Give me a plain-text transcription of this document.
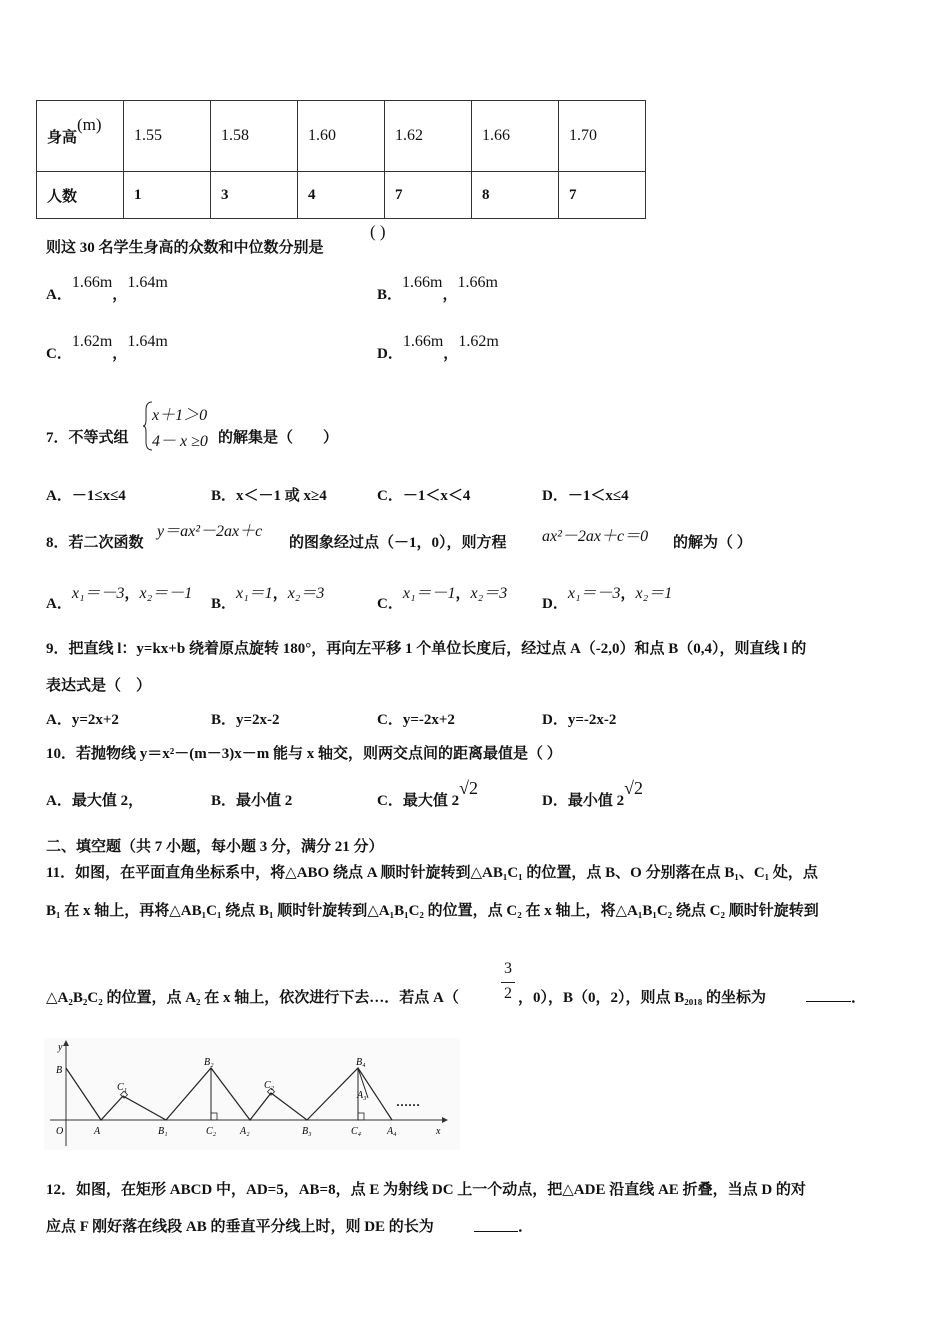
身高(m)	1.55	1.58	1.60	1.62	1.66	1.70
人数	1	3	4	7	8	7
则这 30 名学生身高的众数和中位数分别是
( )
A．1.66m，1.64m
B．1.66m，1.66m
C．1.62m，1.64m
D．1.66m，1.62m
7．不等式组
x＋1＞0
4－ x ≥0 的解集是（　　）
A．－1≤x≤4	B．x＜－1 或 x≥4	C．－1＜x＜4	D．－1＜x≤4
8．若二次函数
y＝ax²－2ax＋c
的图象经过点（－1，0），则方程 ax²－2ax＋c＝0 的解为（ ）
A．x₁＝－3，x₂＝－1
B．x₁＝1，x₂＝3
C．x₁＝－1，x₂＝3
D．x₁＝－3，x₂＝1
9．把直线 l：y=kx+b 绕着原点旋转 180°，再向左平移 1 个单位长度后，经过点 A（-2,0）和点 B（0,4），则直线 l 的
表达式是（　）
A．y=2x+2	B．y=2x-2	C．y=-2x+2	D．y=-2x-2
10．若抛物线 y＝x²－(m－3)x－m 能与 x 轴交，则两交点间的距离最值是（ ）
A．最大值 2，	B．最小值 2	C．最大值 2√2
D．最小值 2√2
二、填空题（共 7 小题，每小题 3 分，满分 21 分）
11．如图，在平面直角坐标系中，将△ABO 绕点 A 顺时针旋转到△AB₁C₁ 的位置，点 B、O 分别落在点 B₁、C₁ 处，点
B₁ 在 x 轴上，再将△AB₁C₁ 绕点 B₁ 顺时针旋转到△A₁B₁C₂ 的位置，点 C₂ 在 x 轴上，将△A₁B₁C₂ 绕点 C₂ 顺时针旋转到
△A₂B₂C₂ 的位置，点 A₂ 在 x 轴上，依次进行下去…．若点 A（
3
2 ，0），B（0，2），则点 B₂₀₁₈ 的坐标为	．
y
B
O	A
C₁
B₁
B₂
C₂ A₂
C₂
B₃
B₄
A₃
C₄	A₄	x
……
12．如图，在矩形 ABCD 中，AD=5，AB=8，点 E 为射线 DC 上一个动点，把△ADE 沿直线 AE 折叠，当点 D 的对
应点 F 刚好落在线段 AB 的垂直平分线上时，则 DE 的长为	．
